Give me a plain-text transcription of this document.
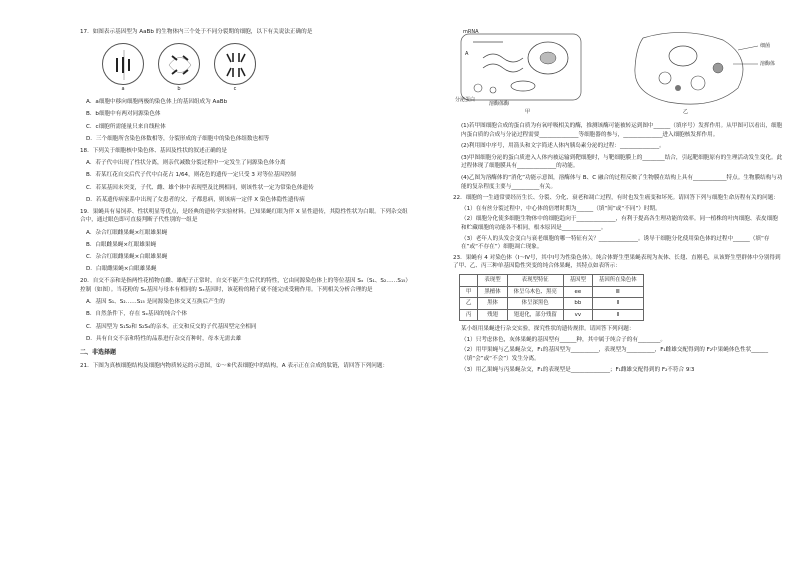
17．如图表示基因型为 AaBb 的生物体内三个处于不同分裂期的细胞，以下有关说法正确的是
a	b	c
A．a细胞中移向细胞两极的染色体上的基因组成为 AaBb
B．b细胞中有两对同源染色体
C．c细胞所需能量只来自线粒体
D．三个细胞所含染色体数相等，分裂形成的子细胞中的染色体组数也相等
18．下列关于细胞核中染色体、基因及性状的叙述正确的是
A．若子代中出现了性状分离，则亲代减数分裂过程中一定发生了同源染色体分离
B．若某红花自交后代子代中白花占 1/64，则花色的遗传一定只受 3 对等位基因控制
C．若某基因未突变，子代、雌、雄个体中表现型及比例相同，则该性状一定为常染色体遗传
D．若某遗传病家系中出现了女患者的父、子都患病，则该病一定伴 X 染色体隐性遗传病
19．果蝇具有易饲养、性状明显等优点，是经典的遗传学实验材料。已知果蝇红眼为伴 X 显性遗传，其隐性性状为白眼。下列杂交组合中，通过眼色即可直接判断子代性别的一组是
A．杂合红眼雌果蝇×红眼雄果蝇
B．白眼雌果蝇×红眼雄果蝇
C．杂合红眼雌果蝇×白眼雄果蝇
D．白眼雌果蝇×白眼雄果蝇
20．自交不亲和是指两性花植物在雌、雄配子正常时，自交不能产生后代的特性，它由同源染色体上的等位基因 Sₓ（S₁、S₂……S₁₅）控制（如图）。当花粉的 Sₓ基因与母本有相同的 Sₓ基因时，该花粉的精子就不能完成受精作用。下列相关分析合理的是
A．基因 S₁、S₂……S₁₅ 是同源染色体交叉互换后产生的
B．自然条件下，存在 Sₓ基因的纯合个体
C．基因型为 S₁S₂和 S₂S₄的亲本，正交和反交的子代基因型完全相同
D．具有自交不亲和特性的品系进行杂交育种时，母本无需去雄
二、非选择题
21．下图为真核细胞结构及细胞内物质转运的示意图，①～⑥代表细胞中的结构，A 表示正在合成的肽链，请回答下列问题：
mRNA
A
分泌蛋白
溶酶体酶
甲
细菌
溶酶体
乙
(1)若甲图细胞合成的蛋白质为有氧呼吸相关的酶，推测该酶可能被转运到图中______（填序号）发挥作用。从甲图可以看出，细胞内蛋白质的合成与分泌过程需要______________等细胞器的参与，______________进入细胞核发挥作用。
(2)利用图中序号，用箭头和文字简述人体内胰岛素分泌的过程：______________。
(3)甲图细胞分泌的蛋白质进入人体内被运输到靶细胞时，与靶细胞膜上的________结合，引起靶细胞原有的生理活动发生变化。此过程体现了细胞膜具有______________的功能。
(4)乙图为溶酶体的“消化”功能示意图，溶酶体与 B、C 融合的过程反映了生物膜在结构上具有____________特点。生物膜结构与功能的复杂程度主要与__________有关。
22．细胞的一生通常要经历生长、分裂、分化、衰老和凋亡过程，有时也发生癌变和坏死。请回答下列与细胞生命历程有关的问题：
（1）在有丝分裂过程中，中心体的倍增时期为______（填“间”或“不同”）时期。
（2）细胞分化使多细胞生物体中的细胞趋向于______________，有利于提高各生理功能的效率。同一植株的叶肉细胞、表皮细胞和贮藏细胞的功能各不相同，根本原因是______________。
（3）老年人的头发会变白与衰老细胞的哪一特征有关？______________。诱导干细胞分化使用染色体的过程中______（填“存在”或“不存在”）细胞凋亡现象。
23．果蝇有 4 对染色体（Ⅰ～Ⅳ号，其中Ⅰ号为性染色体）。纯合体野生型果蝇表现为灰体、长翅、直刚毛，从该野生型群体中分别得到了甲、乙、丙三种单基因隐性突变的纯合体果蝇，其特点如表所示：
	表现型	表现型特征	基因型	基因所在染色体
甲	黑檀体	体呈乌木色、黑亮	ee	Ⅲ
乙	黑体	体呈深黑色	bb	Ⅱ
丙	残翅	翅退化，部分残留	vv	Ⅱ
某小组用果蝇进行杂交实验，探究性状的遗传规律。请回答下列问题：
（1）只考虑体色，灰体果蝇的基因型有______种，其中属于纯合子的有________。
（2）用甲果蝇与乙果蝇杂交，F₁的基因型为__________，表现型为__________，F₁雌雄交配得到的 F₂中果蝇体色性状______（填“会”或“不会”）发生分离。
（3）用乙果蝇与丙果蝇杂交，F₁的表现型是______________；F₁雌雄交配得到的 F₂不符合 9∶3
